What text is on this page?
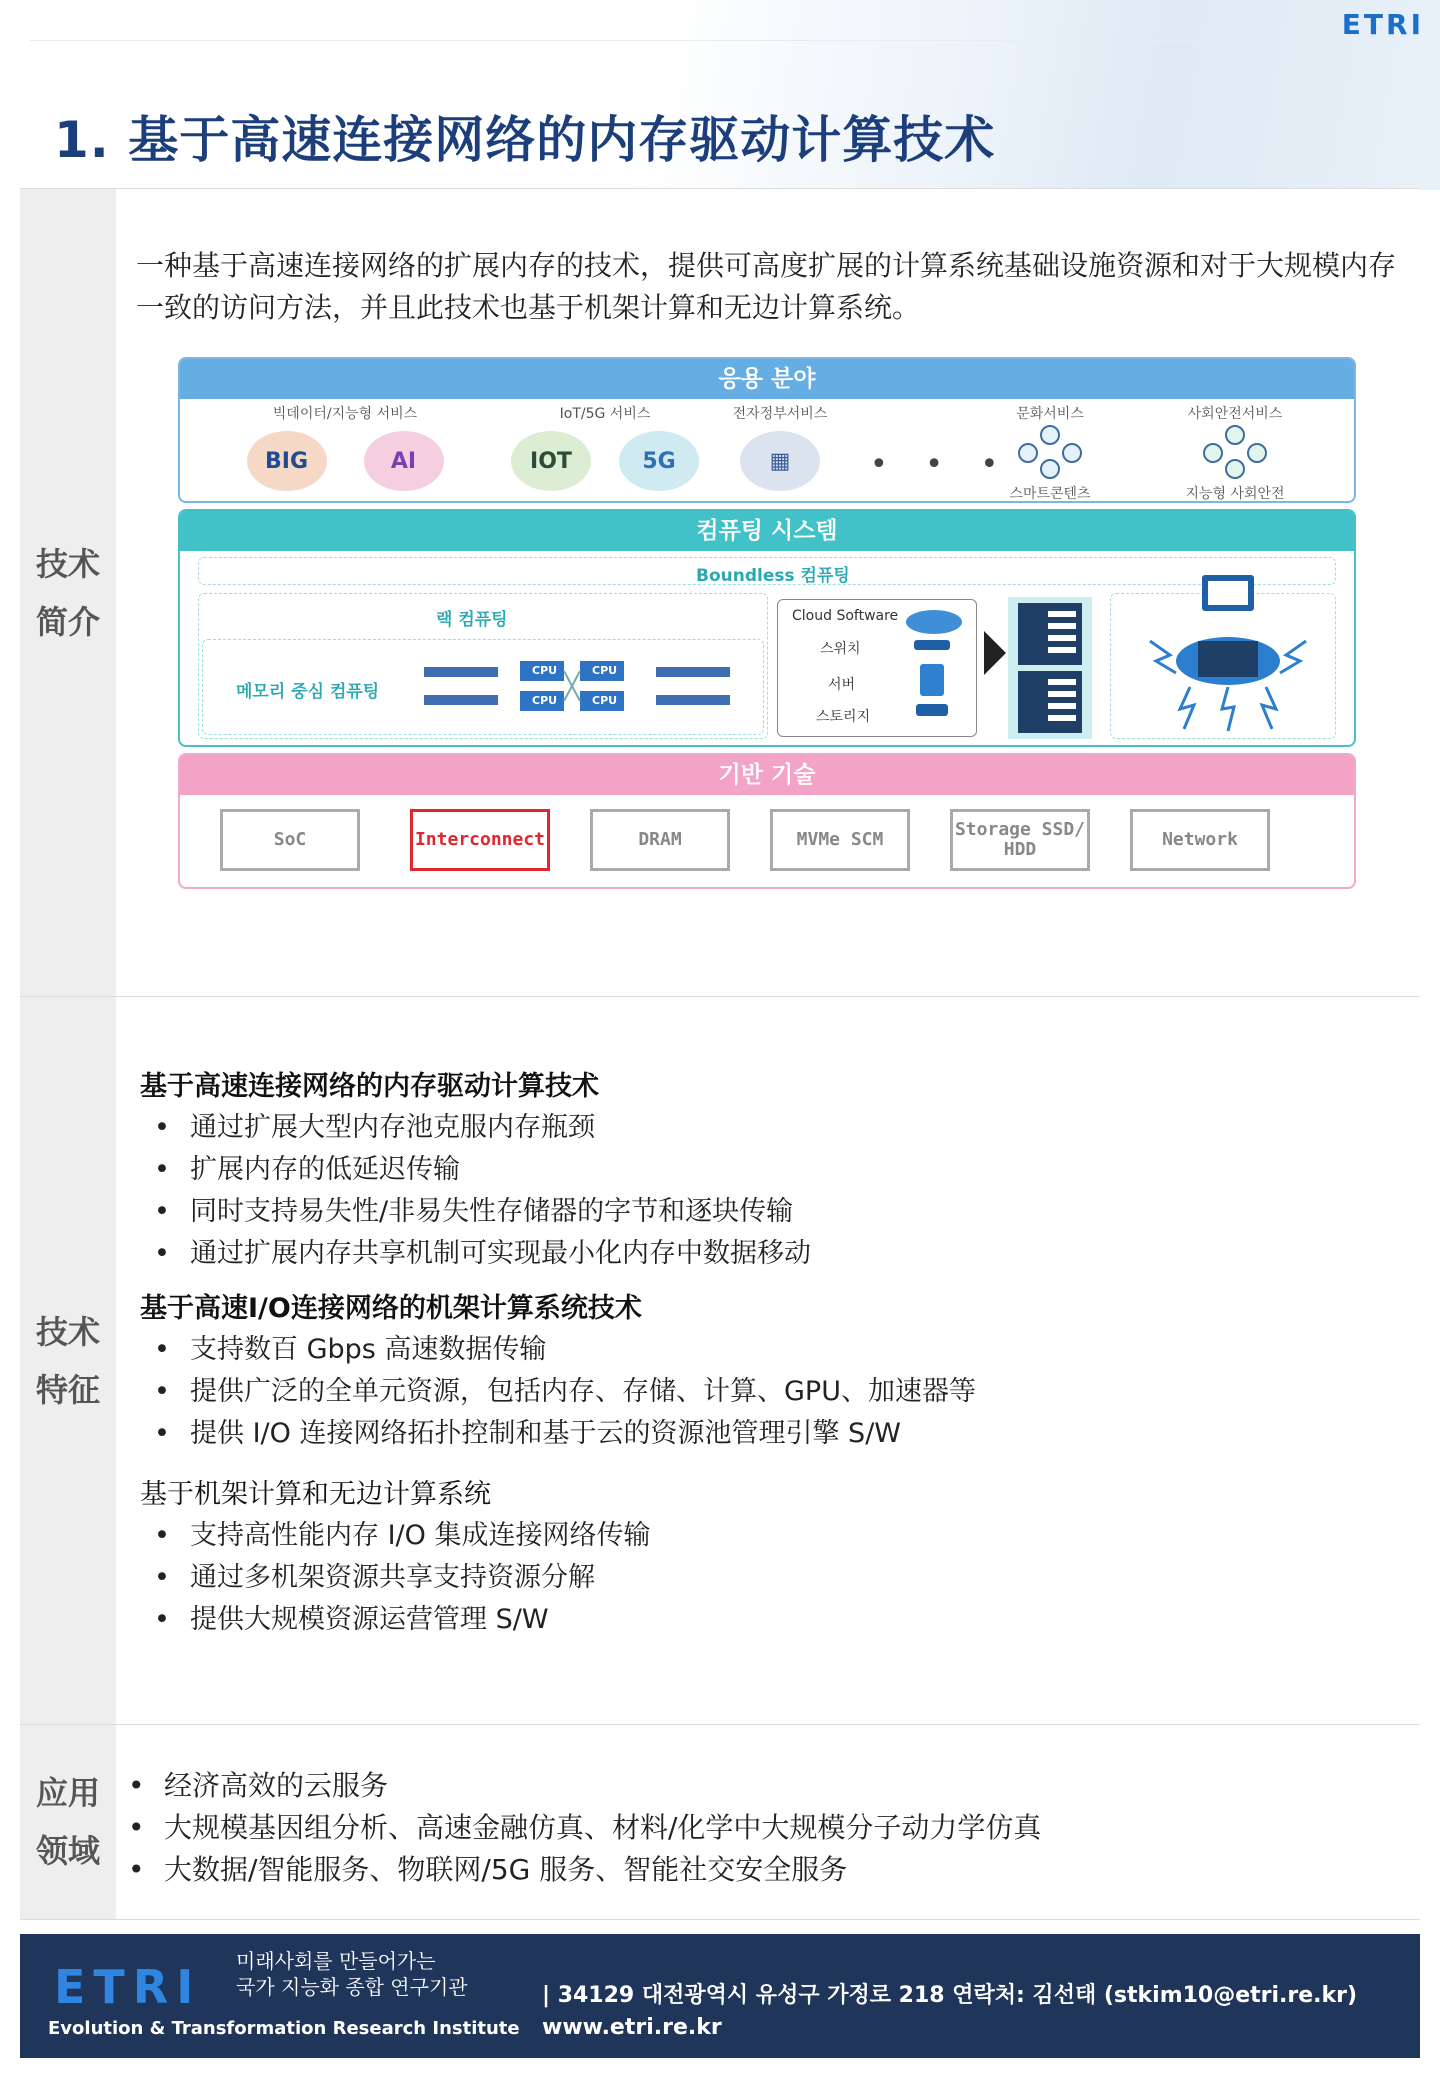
ETRI
1. 基于高速连接网络的内存驱动计算技术
技术
简介
一种基于高速连接网络的扩展内存的技术，提供可高度扩展的计算系统基础设施资源和对于大规模内存一致的访问方法，并且此技术也基于机架计算和无边计算系统。
응용 분야
빅데이터/지능형 서비스
BIG	AI
IoT/5G 서비스
IOT	5G
전자정부서비스
▦	• • •
문화서비스
스마트콘텐츠
사회안전서비스
지능형 사회안전
컴퓨팅 시스템
Boundless 컴퓨팅
랙 컴퓨팅
메모리 중심 컴퓨팅
CPU	CPU
CPU	CPU
Cloud Software
스위치
서버
스토리지
기반 기술
SoC	Interconnect	DRAM	MVMe SCM	Storage SSD/ HDD	Network
技术
特征
基于高速连接网络的内存驱动计算技术
• 通过扩展大型内存池克服内存瓶颈
• 扩展内存的低延迟传输
• 同时支持易失性/非易失性存储器的字节和逐块传输
• 通过扩展内存共享机制可实现最小化内存中数据移动
基于高速I/O连接网络的机架计算系统技术
• 支持数百 Gbps 高速数据传输
• 提供广泛的全单元资源，包括内存、存储、计算、GPU、加速器等
• 提供 I/O 连接网络拓扑控制和基于云的资源池管理引擎 S/W
基于机架计算和无边计算系统
• 支持高性能内存 I/O 集成连接网络传输
• 通过多机架资源共享支持资源分解
• 提供大规模资源运营管理 S/W
应用
领域
• 经济高效的云服务
• 大规模基因组分析、高速金融仿真、材料/化学中大规模分子动力学仿真
• 大数据/智能服务、物联网/5G 服务、智能社交安全服务
ETRI 미래사회를 만들어가는
국가 지능화 종합 연구기관
Evolution & Transformation Research Institute
| 34129 대전광역시 유성구 가정로 218 연락처: 김선태 (stkim10@etri.re.kr)
www.etri.re.kr
